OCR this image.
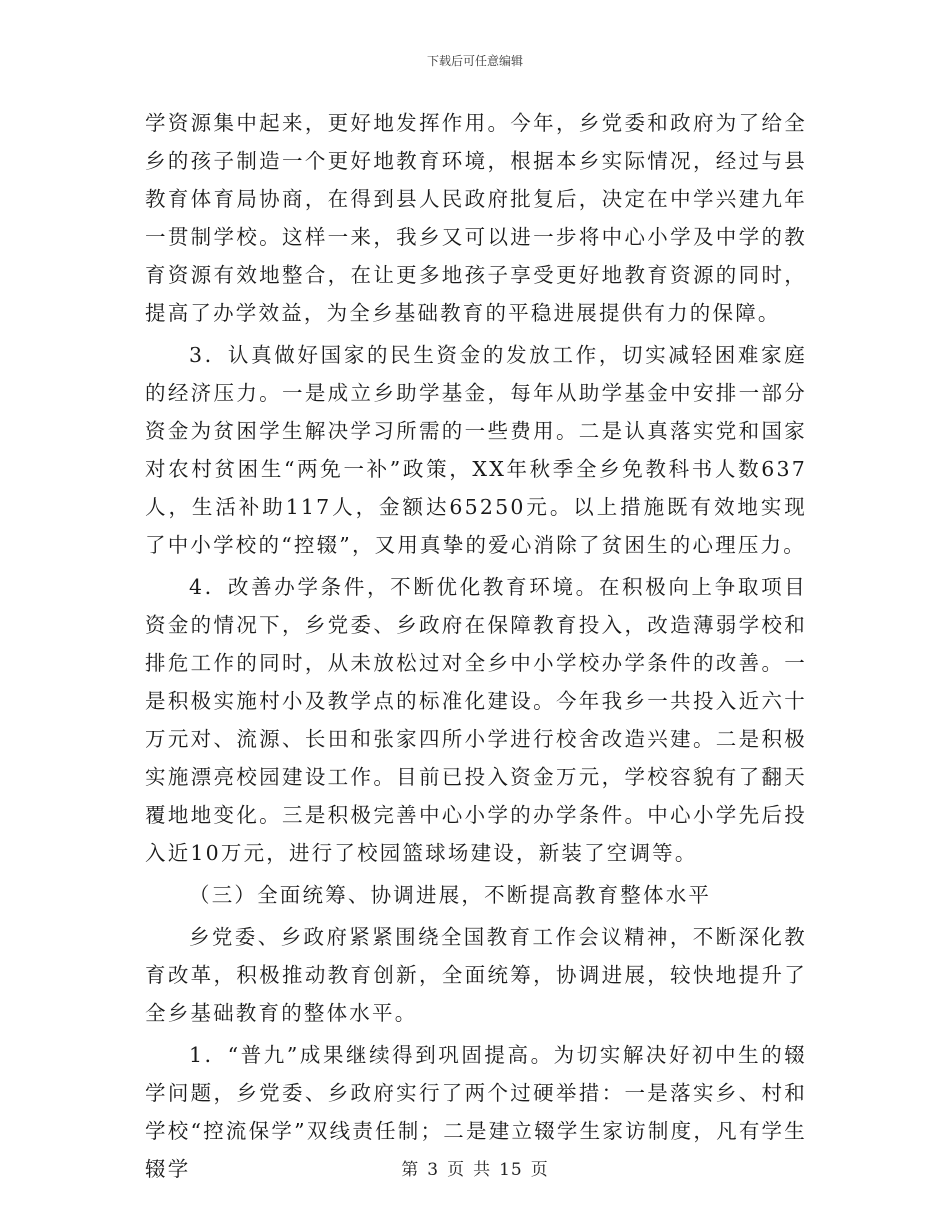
下载后可任意编辑

学资源集中起来，更好地发挥作用。今年，乡党委和政府为了给全乡的孩子制造一个更好地教育环境，根据本乡实际情况，经过与县教育体育局协商，在得到县人民政府批复后，决定在中学兴建九年一贯制学校。这样一来，我乡又可以进一步将中心小学及中学的教育资源有效地整合，在让更多地孩子享受更好地教育资源的同时，提高了办学效益，为全乡基础教育的平稳进展提供有力的保障。

3．认真做好国家的民生资金的发放工作，切实减轻困难家庭的经济压力。一是成立乡助学基金，每年从助学基金中安排一部分资金为贫困学生解决学习所需的一些费用。二是认真落实党和国家对农村贫困生“两免一补”政策，XX年秋季全乡免教科书人数637人，生活补助117人，金额达65250元。以上措施既有效地实现了中小学校的“控辍”，又用真挚的爱心消除了贫困生的心理压力。

4．改善办学条件，不断优化教育环境。在积极向上争取项目资金的情况下，乡党委、乡政府在保障教育投入，改造薄弱学校和排危工作的同时，从未放松过对全乡中小学校办学条件的改善。一是积极实施村小及教学点的标准化建设。今年我乡一共投入近六十万元对、流源、长田和张家四所小学进行校舍改造兴建。二是积极实施漂亮校园建设工作。目前已投入资金万元，学校容貌有了翻天覆地地变化。三是积极完善中心小学的办学条件。中心小学先后投入近10万元，进行了校园篮球场建设，新装了空调等。

（三）全面统筹、协调进展，不断提高教育整体水平

乡党委、乡政府紧紧围绕全国教育工作会议精神，不断深化教育改革，积极推动教育创新，全面统筹，协调进展，较快地提升了全乡基础教育的整体水平。

1．“普九”成果继续得到巩固提高。为切实解决好初中生的辍学问题，乡党委、乡政府实行了两个过硬举措：一是落实乡、村和学校“控流保学”双线责任制；二是建立辍学生家访制度，凡有学生辍学	第 3 页 共 15 页
